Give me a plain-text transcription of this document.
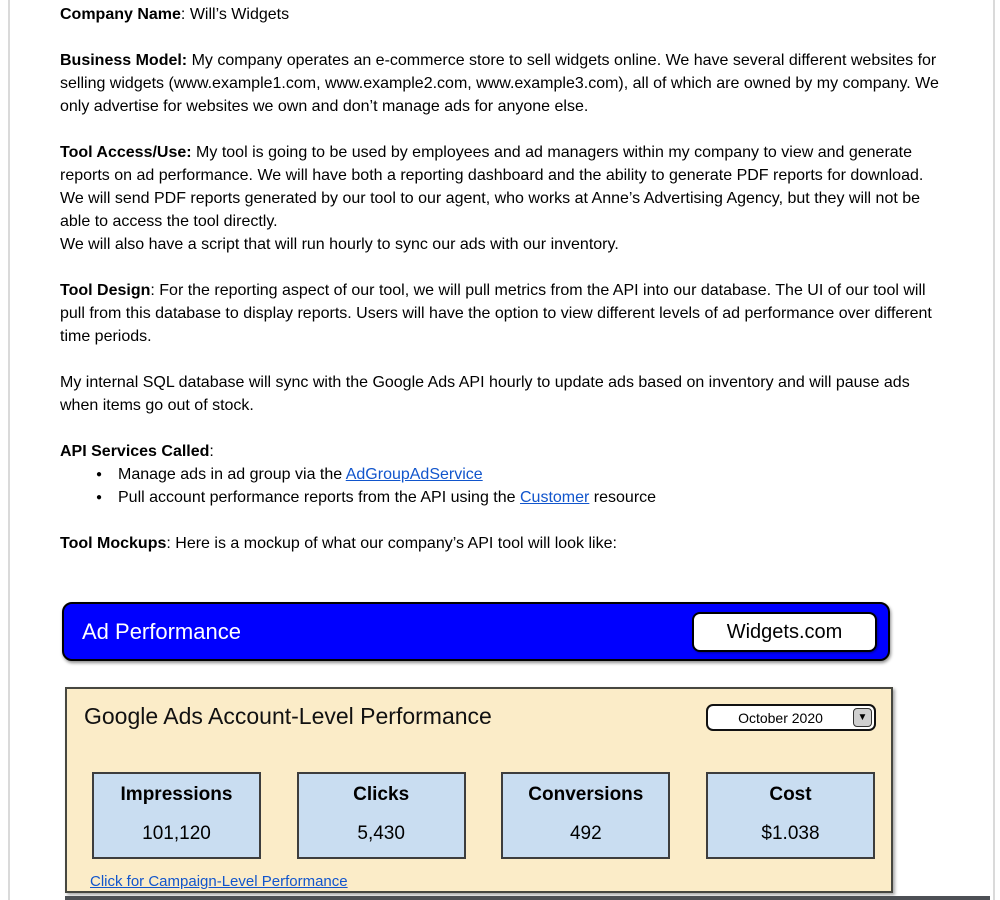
Company Name: Will’s Widgets

Business Model: My company operates an e-commerce store to sell widgets online. We have several different websites for selling widgets (www.example1.com, www.example2.com, www.example3.com), all of which are owned by my company. We only advertise for websites we own and don’t manage ads for anyone else.

Tool Access/Use: My tool is going to be used by employees and ad managers within my company to view and generate reports on ad performance. We will have both a reporting dashboard and the ability to generate PDF reports for download. We will send PDF reports generated by our tool to our agent, who works at Anne’s Advertising Agency, but they will not be able to access the tool directly.

We will also have a script that will run hourly to sync our ads with our inventory.

Tool Design: For the reporting aspect of our tool, we will pull metrics from the API into our database. The UI of our tool will pull from this database to display reports. Users will have the option to view different levels of ad performance over different time periods.

My internal SQL database will sync with the Google Ads API hourly to update ads based on inventory and will pause ads when items go out of stock.

API Services Called:

● Manage ads in ad group via the AdGroupAdService

● Pull account performance reports from the API using the Customer resource

Tool Mockups: Here is a mockup of what our company’s API tool will look like:

Ad Performance	Widgets.com
Google Ads Account-Level Performance	October 2020	▼
Impressions
101,120
Clicks
5,430
Conversions
492
Cost
$1.038
Click for Campaign-Level Performance
